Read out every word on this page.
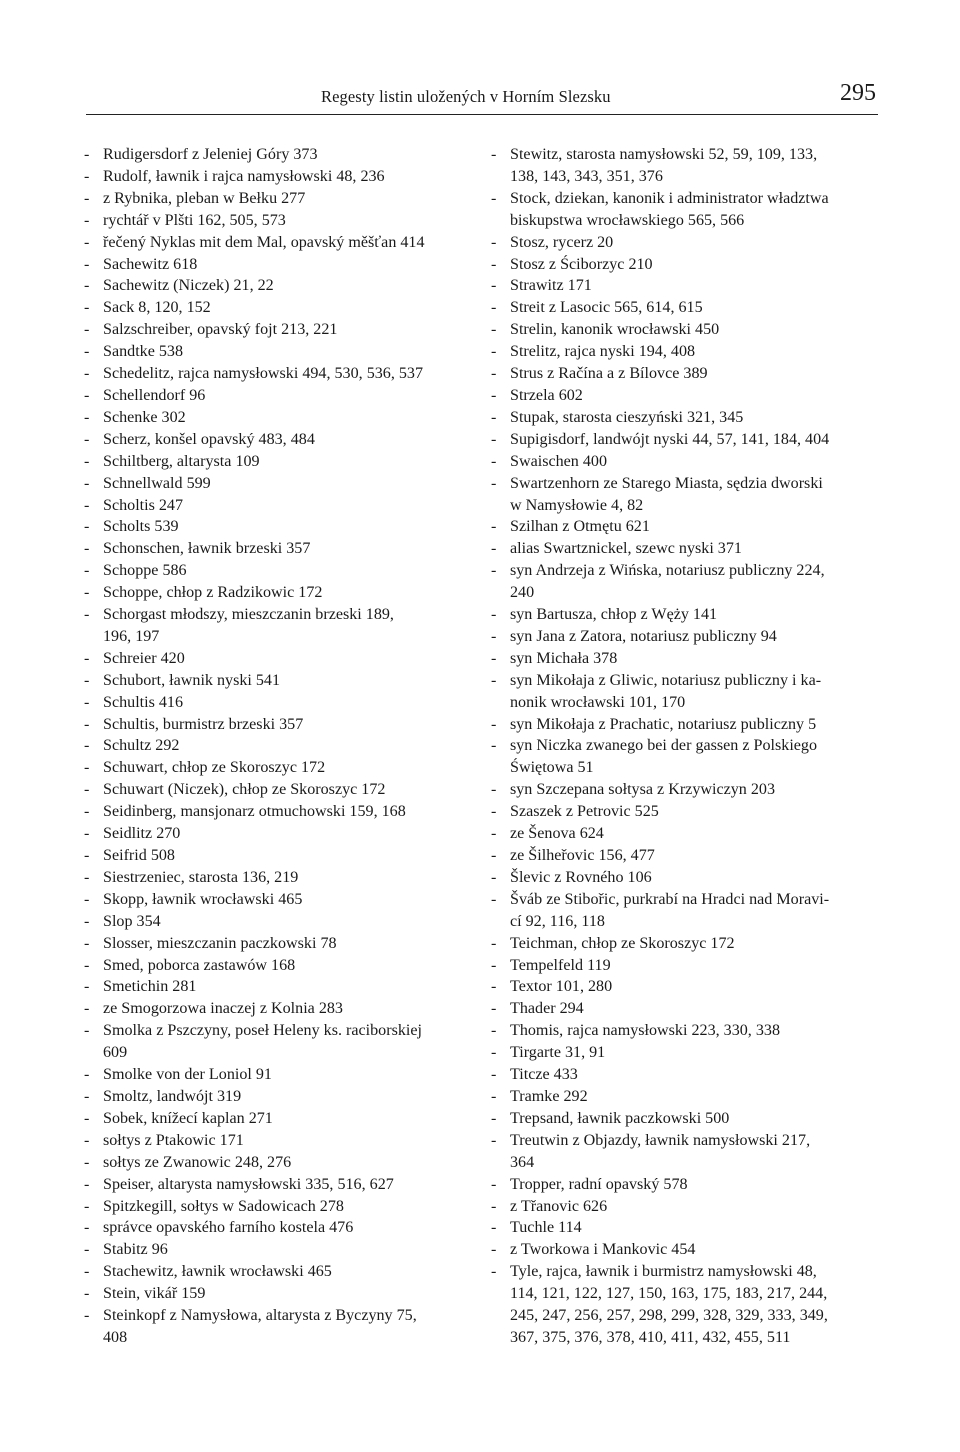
Regesty listin uložených v Horním Slezsku	295
- Rudigersdorf z Jeleniej Góry 373
- Rudolf, ławnik i rajca namysłowski 48, 236
- z Rybnika, pleban w Bełku 277
- rychtář v Plšti 162, 505, 573
- řečený Nyklas mit dem Mal, opavský měšťan 414
- Sachewitz 618
- Sachewitz (Niczek) 21, 22
- Sack 8, 120, 152
- Salzschreiber, opavský fojt 213, 221
- Sandtke 538
- Schedelitz, rajca namysłowski 494, 530, 536, 537
- Schellendorf 96
- Schenke 302
- Scherz, konšel opavský 483, 484
- Schiltberg, altarysta 109
- Schnellwald 599
- Scholtis 247
- Scholts 539
- Schonschen, ławnik brzeski 357
- Schoppe 586
- Schoppe, chłop z Radzikowic 172
- Schorgast młodszy, mieszczanin brzeski 189,
196, 197
- Schreier 420
- Schubort, ławnik nyski 541
- Schultis 416
- Schultis, burmistrz brzeski 357
- Schultz 292
- Schuwart, chłop ze Skoroszyc 172
- Schuwart (Niczek), chłop ze Skoroszyc 172
- Seidinberg, mansjonarz otmuchowski 159, 168
- Seidlitz 270
- Seifrid 508
- Siestrzeniec, starosta 136, 219
- Skopp, ławnik wrocławski 465
- Slop 354
- Slosser, mieszczanin paczkowski 78
- Smed, poborca zastawów 168
- Smetichin 281
- ze Smogorzowa inaczej z Kolnia 283
- Smolka z Pszczyny, poseł Heleny ks. raciborskiej
609
- Smolke von der Loniol 91
- Smoltz, landwójt 319
- Sobek, knížecí kaplan 271
- sołtys z Ptakowic 171
- sołtys ze Zwanowic 248, 276
- Speiser, altarysta namysłowski 335, 516, 627
- Spitzkegill, sołtys w Sadowicach 278
- správce opavského farního kostela 476
- Stabitz 96
- Stachewitz, ławnik wrocławski 465
- Stein, vikář 159
- Steinkopf z Namysłowa, altarysta z Byczyny 75,
408
- Stewitz, starosta namysłowski 52, 59, 109, 133,
138, 143, 343, 351, 376
- Stock, dziekan, kanonik i administrator władztwa
biskupstwa wrocławskiego 565, 566
- Stosz, rycerz 20
- Stosz z Ściborzyc 210
- Strawitz 171
- Streit z Lasocic 565, 614, 615
- Strelin, kanonik wrocławski 450
- Strelitz, rajca nyski 194, 408
- Strus z Račína a z Bílovce 389
- Strzela 602
- Stupak, starosta cieszyński 321, 345
- Supigisdorf, landwójt nyski 44, 57, 141, 184, 404
- Swaischen 400
- Swartzenhorn ze Starego Miasta, sędzia dworski
w Namysłowie 4, 82
- Szilhan z Otmętu 621
- alias Swartznickel, szewc nyski 371
- syn Andrzeja z Wińska, notariusz publiczny 224,
240
- syn Bartusza, chłop z Węży 141
- syn Jana z Zatora, notariusz publiczny 94
- syn Michała 378
- syn Mikołaja z Gliwic, notariusz publiczny i ka-
nonik wrocławski 101, 170
- syn Mikołaja z Prachatic, notariusz publiczny 5
- syn Niczka zwanego bei der gassen z Polskiego
Świętowa 51
- syn Szczepana sołtysa z Krzywiczyn 203
- Szaszek z Petrovic 525
- ze Šenova 624
- ze Šilheřovic 156, 477
- Šlevic z Rovného 106
- Šváb ze Stibořic, purkrabí na Hradci nad Moravi-
cí 92, 116, 118
- Teichman, chłop ze Skoroszyc 172
- Tempelfeld 119
- Textor 101, 280
- Thader 294
- Thomis, rajca namysłowski 223, 330, 338
- Tirgarte 31, 91
- Titcze 433
- Tramke 292
- Trepsand, ławnik paczkowski 500
- Treutwin z Objazdy, ławnik namysłowski 217,
364
- Tropper, radní opavský 578
- z Třanovic 626
- Tuchle 114
- z Tworkowa i Mankovic 454
- Tyle, rajca, ławnik i burmistrz namysłowski 48,
114, 121, 122, 127, 150, 163, 175, 183, 217, 244,
245, 247, 256, 257, 298, 299, 328, 329, 333, 349,
367, 375, 376, 378, 410, 411, 432, 455, 511
